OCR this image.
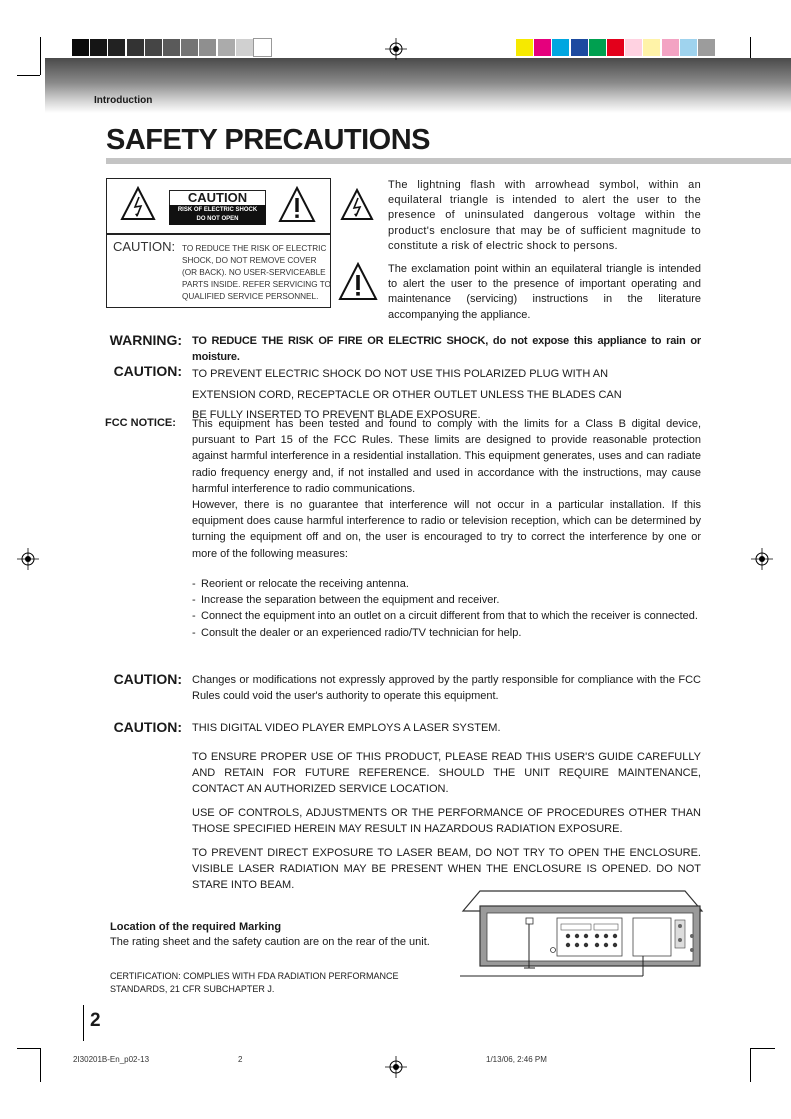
Introduction
SAFETY PRECAUTIONS
CAUTION
RISK OF ELECTRIC SHOCK
DO NOT OPEN
CAUTION: TO REDUCE THE RISK OF ELECTRIC SHOCK, DO NOT REMOVE COVER (OR BACK). NO USER-SERVICEABLE PARTS INSIDE. REFER SERVICING TO QUALIFIED SERVICE PERSONNEL.
The lightning flash with arrowhead symbol, within an equilateral triangle is intended to alert the user to the presence of uninsulated dangerous voltage within the product's enclosure that may be of sufficient magnitude to constitute a risk of electric shock to persons.
The exclamation point within an equilateral triangle is intended to alert the user to the presence of important operating and maintenance (servicing) instructions in the literature accompanying the appliance.
WARNING: TO REDUCE THE RISK OF FIRE OR ELECTRIC SHOCK, do not expose this appliance to rain or moisture.
CAUTION: TO PREVENT ELECTRIC SHOCK DO NOT USE THIS POLARIZED PLUG WITH AN
EXTENSION CORD, RECEPTACLE OR OTHER OUTLET UNLESS THE BLADES CAN
BE FULLY INSERTED TO PREVENT BLADE EXPOSURE.
FCC NOTICE: This equipment has been tested and found to comply with the limits for a Class B digital device, pursuant to Part 15 of the FCC Rules. These limits are designed to provide reasonable protection against harmful interference in a residential installation. This equipment generates, uses and can radiate radio frequency energy and, if not installed and used in accordance with the instructions, may cause harmful interference to radio communications.
However, there is no guarantee that interference will not occur in a particular installation. If this equipment does cause harmful interference to radio or television reception, which can be determined by turning the equipment off and on, the user is encouraged to try to correct the interference by one or more of the following measures:
- Reorient or relocate the receiving antenna.
- Increase the separation between the equipment and receiver.
- Connect the equipment into an outlet on a circuit different from that to which the receiver is connected.
- Consult the dealer or an experienced radio/TV technician for help.
CAUTION: Changes or modifications not expressly approved by the partly responsible for compliance with the FCC Rules could void the user's authority to operate this equipment.
CAUTION: THIS DIGITAL VIDEO PLAYER EMPLOYS A LASER SYSTEM.
TO ENSURE PROPER USE OF THIS PRODUCT, PLEASE READ THIS USER'S GUIDE CAREFULLY AND RETAIN FOR FUTURE REFERENCE. SHOULD THE UNIT REQUIRE MAINTENANCE, CONTACT AN AUTHORIZED SERVICE LOCATION.
USE OF CONTROLS, ADJUSTMENTS OR THE PERFORMANCE OF PROCEDURES OTHER THAN THOSE SPECIFIED HEREIN MAY RESULT IN HAZARDOUS RADIATION EXPOSURE.
TO PREVENT DIRECT EXPOSURE TO LASER BEAM, DO NOT TRY TO OPEN THE ENCLOSURE. VISIBLE LASER RADIATION MAY BE PRESENT WHEN THE ENCLOSURE IS OPENED. DO NOT STARE INTO BEAM.
Location of the required Marking
The rating sheet and the safety caution are on the rear of the unit.
CERTIFICATION: COMPLIES WITH FDA RADIATION PERFORMANCE
STANDARDS, 21 CFR SUBCHAPTER J.
2
2I30201B-En_p02-13	2	1/13/06, 2:46 PM
